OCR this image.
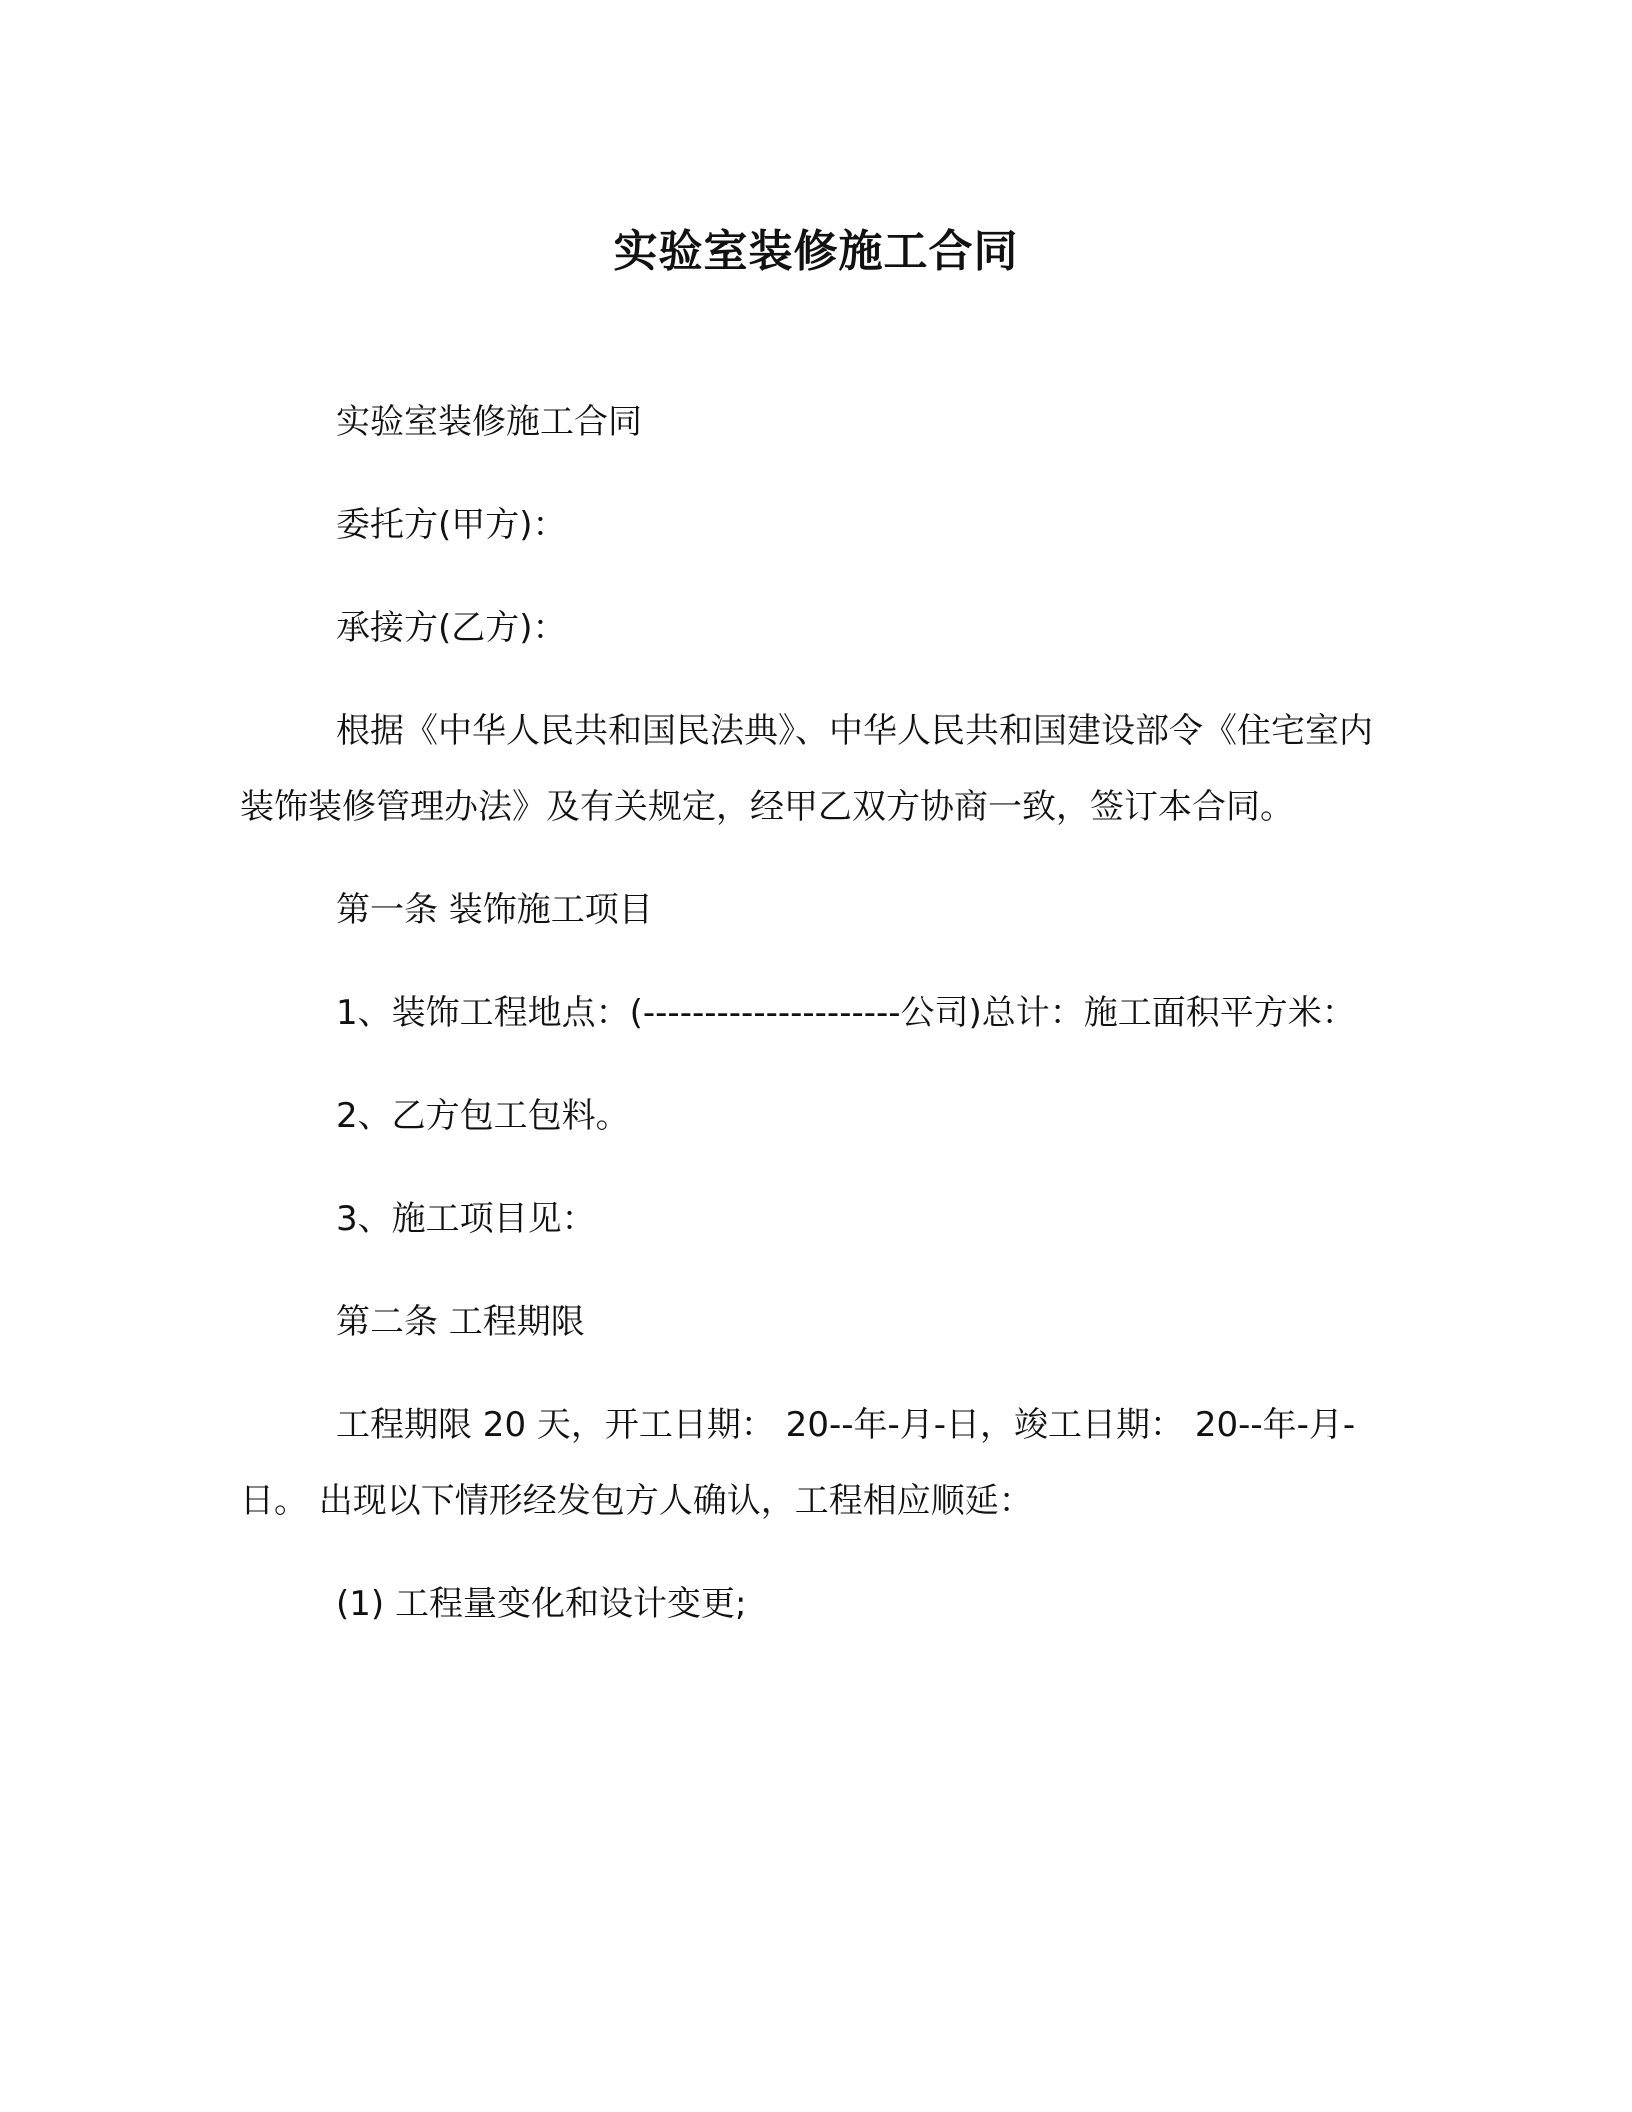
实验室装修施工合同

实验室装修施工合同

委托方(甲方)：

承接方(乙方)：

根据《中华人民共和国民法典》、中华人民共和国建设部令《住宅室内装饰装修管理办法》及有关规定，经甲乙双方协商一致，签订本合同。

第一条 装饰施工项目

1、装饰工程地点：(---------------------公司)总计：施工面积平方米：

2、乙方包工包料。

3、施工项目见：

第二条 工程期限

工程期限 20 天，开工日期： 20--年-月-日，竣工日期： 20--年-月-日。 出现以下情形经发包方人确认，工程相应顺延：

(1) 工程量变化和设计变更;
